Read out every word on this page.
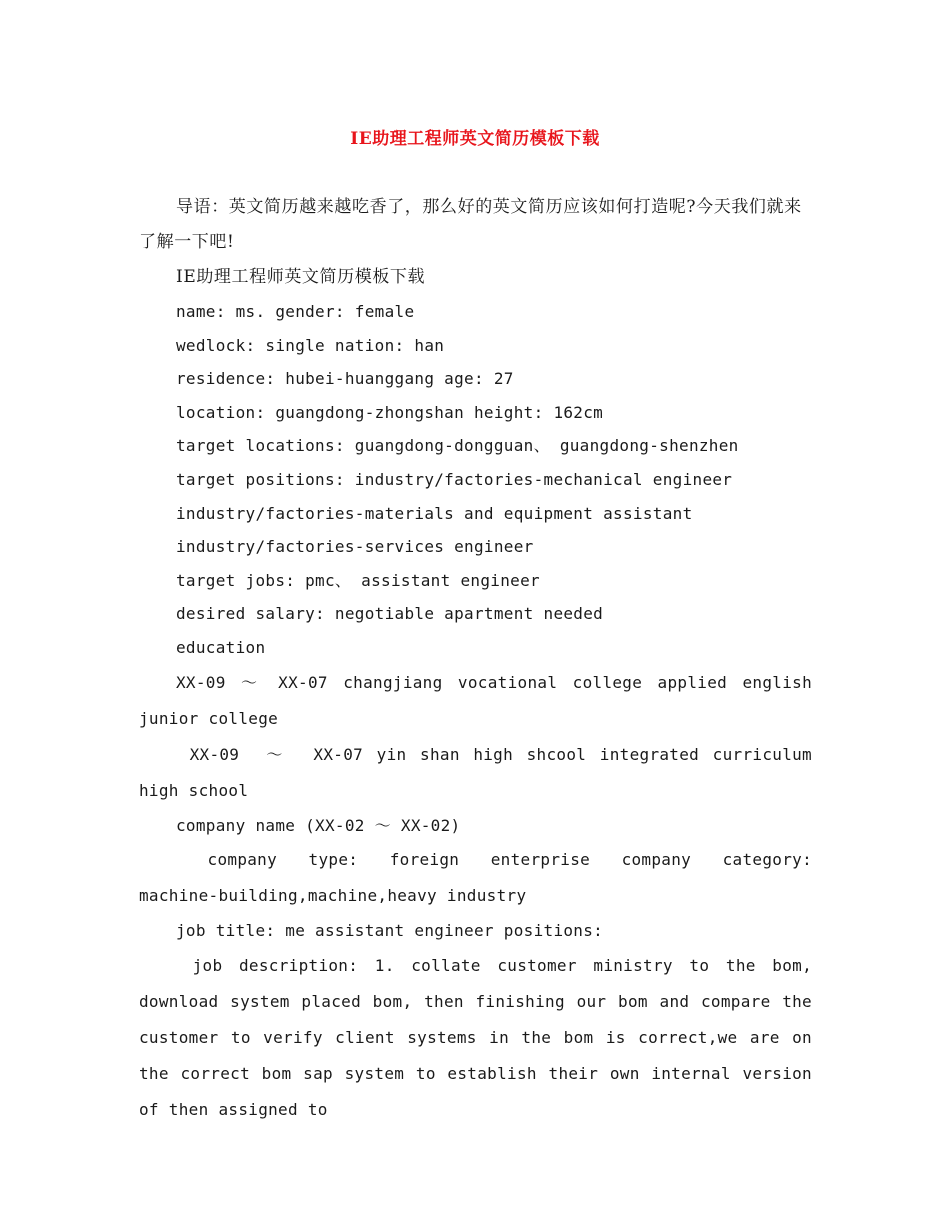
IE助理工程师英文简历模板下载

导语：英文简历越来越吃香了，那么好的英文简历应该如何打造呢?今天我们就来了解一下吧!

IE助理工程师英文简历模板下载

name: ms. gender: female

wedlock: single nation: han

residence: hubei-huanggang age: 27

location: guangdong-zhongshan height: 162cm

target locations: guangdong-dongguan、 guangdong-shenzhen

target positions: industry/factories-mechanical engineer

industry/factories-materials and equipment assistant

industry/factories-services engineer

target jobs: pmc、 assistant engineer

desired salary: negotiable apartment needed

education

XX-09 ～ XX-07 changjiang vocational college applied english junior college

XX-09  ～  XX-07 yin shan high shcool integrated curriculum high school

company name (XX-02 ～ XX-02)

company  type:  foreign  enterprise  company  category:  machine-building,machine,heavy industry

job title: me assistant engineer positions:

job description: 1. collate customer ministry to the bom, download system placed bom, then finishing our bom and compare the customer to verify client systems in the bom is correct,we are on the correct bom sap system to establish their own internal version of then assigned to
